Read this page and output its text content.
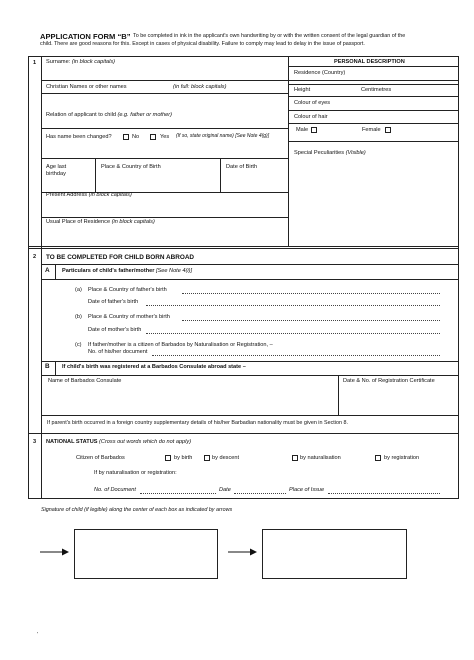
APPLICATION FORM “B” To be completed in ink in the applicant's own handwriting by or with the written consent of the legal guardian of the
child. There are good reasons for this. Except in cases of physical disability. Failure to comply may lead to delay in the issue of passport.
1 Surname: (in block capitals)
Christian Names or other names	(in full: block capitals)
Relation of applicant to child (e.g. father or mother)
Has name been changed?	No	Yes (If so, state original name) [See Note 4(g)]
Age last
birthday
Place & Country of Birth	Date of Birth
Present Address (in block capitals)
Usual Place of Residence (in block capitals)
PERSONAL DESCRIPTION
Residence (Country)
Height	Centimetres
Colour of eyes
Colour of hair
Male	Female
Special Peculiarities (Visible)
2 TO BE COMPLETED FOR CHILD BORN ABROAD
A Particulars of child's father/mother [See Note 4(i)]
(a) Place & Country of father's birth
Date of father's birth
(b) Place & Country of mother's birth
Date of mother's birth
(c) If father/mother is a citizen of Barbados by Naturalisation or Registration, –
No. of his/her document
B If child's birth was registered at a Barbados Consulate abroad state –
Name of Barbados Consulate	Date & No. of Registration Certificate
If parent's birth occurred in a foreign country supplementary details of his/her Barbadian nationality must be given in Section 8.
3 NATIONAL STATUS (Cross out words which do not apply)
Citizen of Barbados	by birth	by descent	by naturalisation	by registration
If by naturalisation or registration:
No. of Document	Date	Place of Issue
Signature of child (if legible) along the center of each box as indicated by arrows
'
